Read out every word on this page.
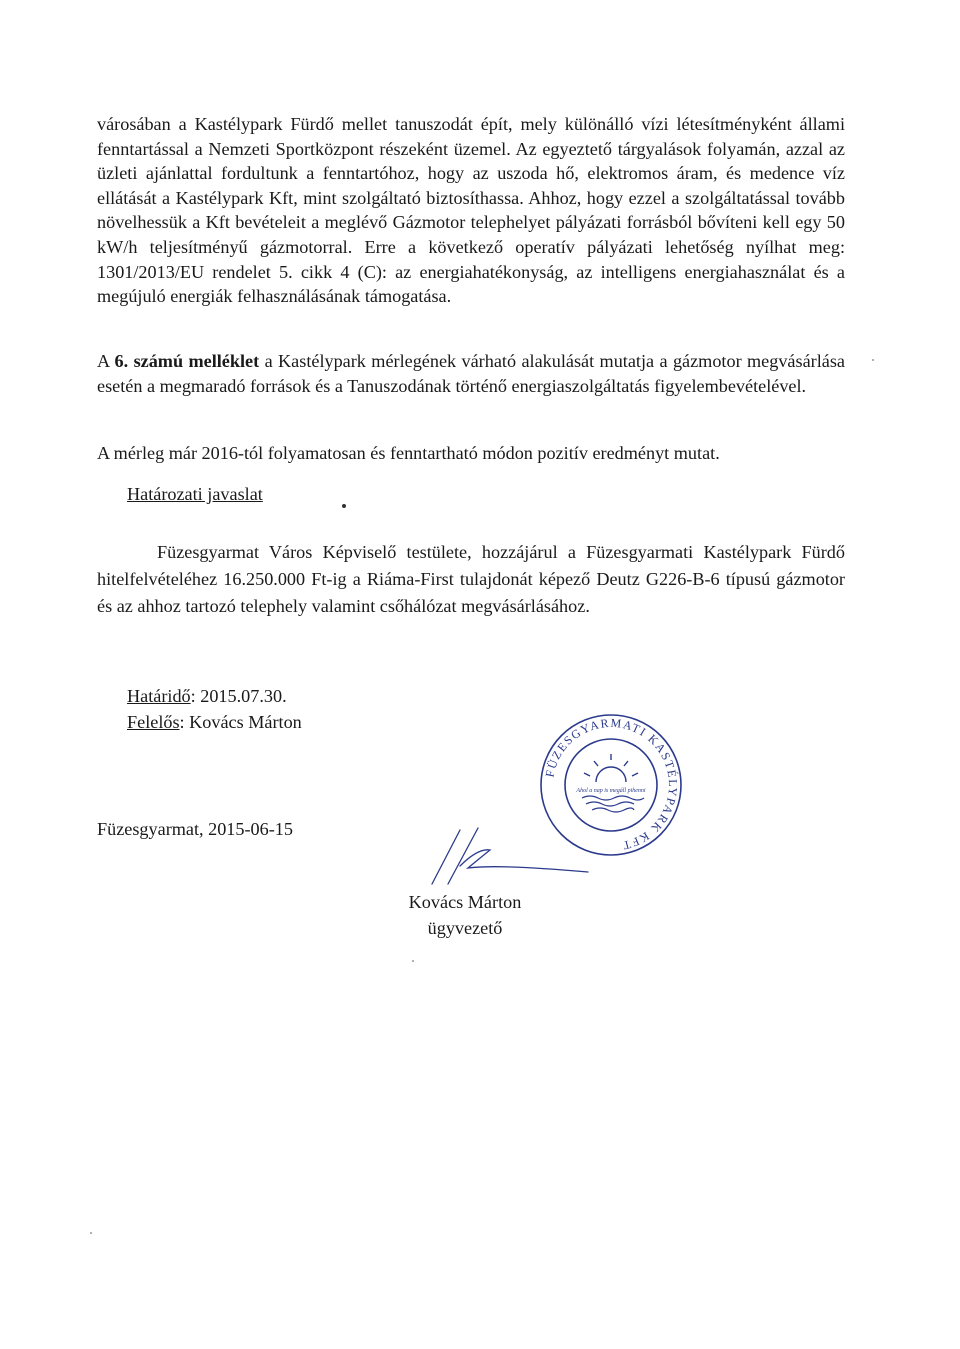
városában a Kastélypark Fürdő mellet tanuszodát épít, mely különálló vízi létesítményként állami fenntartással a Nemzeti Sportközpont részeként üzemel. Az egyeztető tárgyalások folyamán, azzal az üzleti ajánlattal fordultunk a fenntartóhoz, hogy az uszoda hő, elektromos áram, és medence víz ellátását a Kastélypark Kft, mint szolgáltató biztosíthassa. Ahhoz, hogy ezzel a szolgáltatással tovább növelhessük a Kft bevételeit a meglévő Gázmotor telephelyet pályázati forrásból bővíteni kell egy 50 kW/h teljesítményű gázmotorral. Erre a következő operatív pályázati lehetőség nyílhat meg: 1301/2013/EU rendelet 5. cikk 4 (C): az energiahatékonyság, az intelligens energiahasználat és a megújuló energiák felhasználásának támogatása.

A 6. számú melléklet a Kastélypark mérlegének várható alakulását mutatja a gázmotor megvásárlása esetén a megmaradó források és a Tanuszodának történő energiaszolgáltatás figyelembevételével.

A mérleg már 2016-tól folyamatosan és fenntartható módon pozitív eredményt mutat.

Határozati javaslat

Füzesgyarmat Város Képviselő testülete, hozzájárul a Füzesgyarmati Kastélypark Fürdő hitelfelvételéhez 16.250.000 Ft-ig a Riáma-First tulajdonát képező Deutz G226-B-6 típusú gázmotor és az ahhoz tartozó telephely valamint csőhálózat megvásárlásához.

Határidő: 2015.07.30.
Felelős: Kovács Márton
Füzesgyarmat, 2015-06-15
FÜZESGYARMATI KASTÉLYPARK KFT
Ahol a nap is megáll pihenni
Kovács Márton
ügyvezető
